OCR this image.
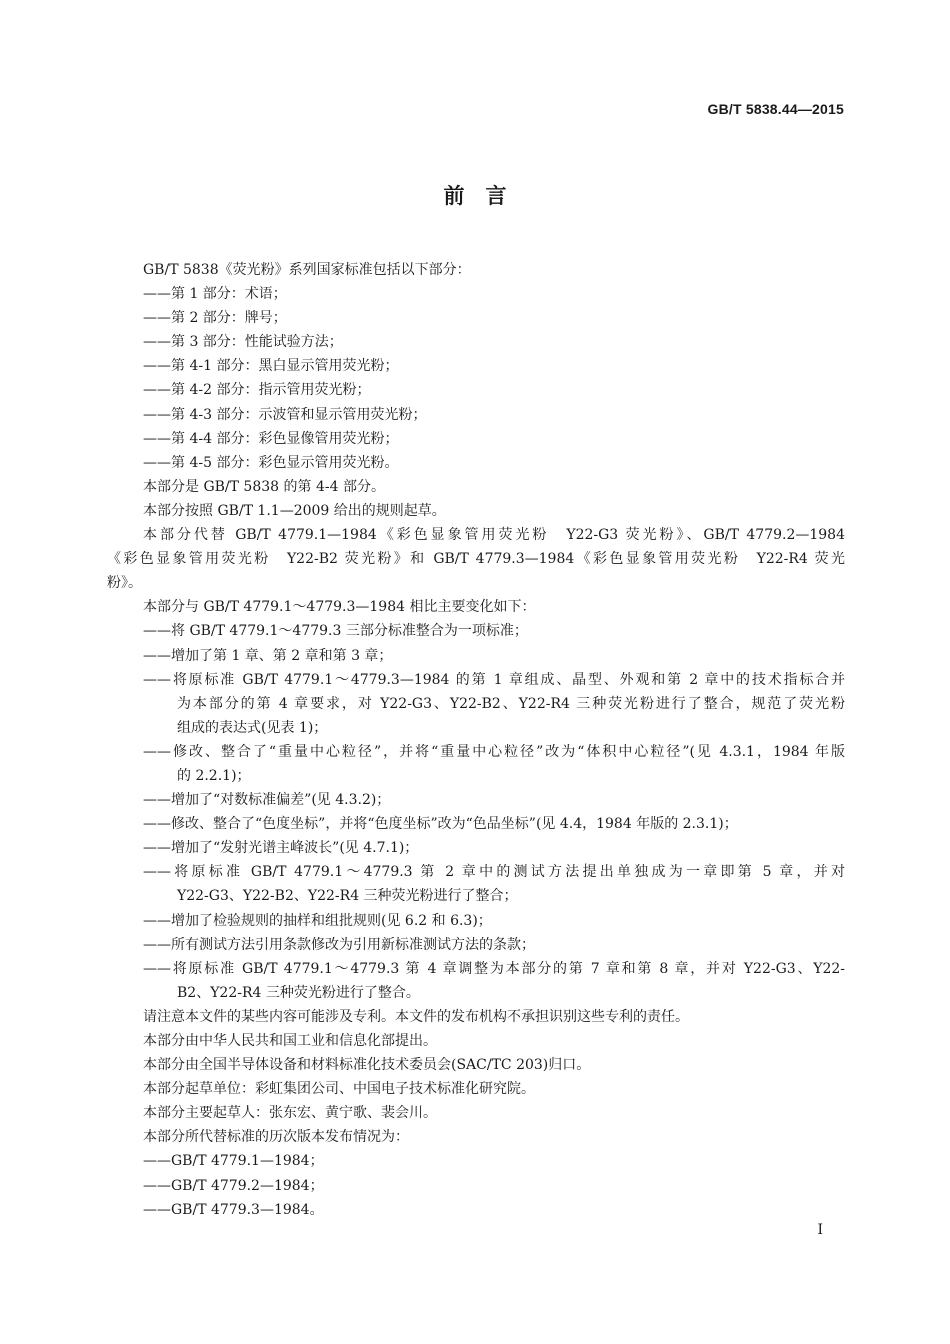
GB/T 5838.44—2015
前　言
GB/T 5838《荧光粉》系列国家标准包括以下部分：
——第 1 部分：术语；
——第 2 部分：牌号；
——第 3 部分：性能试验方法；
——第 4-1 部分：黑白显示管用荧光粉；
——第 4-2 部分：指示管用荧光粉；
——第 4-3 部分：示波管和显示管用荧光粉；
——第 4-4 部分：彩色显像管用荧光粉；
——第 4-5 部分：彩色显示管用荧光粉。
本部分是 GB/T 5838 的第 4-4 部分。
本部分按照 GB/T 1.1—2009 给出的规则起草。
本部分代替 GB/T 4779.1—1984《彩色显象管用荧光粉　Y22-G3 荧光粉》、GB/T 4779.2—1984
《彩色显象管用荧光粉　Y22-B2 荧光粉》和 GB/T 4779.3—1984《彩色显象管用荧光粉　Y22-R4 荧光
粉》。
本部分与 GB/T 4779.1～4779.3—1984 相比主要变化如下：
——将 GB/T 4779.1～4779.3 三部分标准整合为一项标准；
——增加了第 1 章、第 2 章和第 3 章；
——将原标准 GB/T 4779.1～4779.3—1984 的第 1 章组成、晶型、外观和第 2 章中的技术指标合并
为本部分的第 4 章要求，对 Y22-G3、Y22-B2、Y22-R4 三种荧光粉进行了整合，规范了荧光粉
组成的表达式(见表 1)；
——修改、整合了“重量中心粒径”，并将“重量中心粒径”改为“体积中心粒径”(见 4.3.1，1984 年版
的 2.2.1)；
——增加了“对数标准偏差”(见 4.3.2)；
——修改、整合了“色度坐标”，并将“色度坐标”改为“色品坐标”(见 4.4，1984 年版的 2.3.1)；
——增加了“发射光谱主峰波长”(见 4.7.1)；
——将原标准 GB/T 4779.1～4779.3 第 2 章中的测试方法提出单独成为一章即第 5 章，并对
Y22-G3、Y22-B2、Y22-R4 三种荧光粉进行了整合；
——增加了检验规则的抽样和组批规则(见 6.2 和 6.3)；
——所有测试方法引用条款修改为引用新标准测试方法的条款；
——将原标准 GB/T 4779.1～4779.3 第 4 章调整为本部分的第 7 章和第 8 章，并对 Y22-G3、Y22-
B2、Y22-R4 三种荧光粉进行了整合。
请注意本文件的某些内容可能涉及专利。本文件的发布机构不承担识别这些专利的责任。
本部分由中华人民共和国工业和信息化部提出。
本部分由全国半导体设备和材料标准化技术委员会(SAC/TC 203)归口。
本部分起草单位：彩虹集团公司、中国电子技术标准化研究院。
本部分主要起草人：张东宏、黄宁歌、裴会川。
本部分所代替标准的历次版本发布情况为：
——GB/T 4779.1—1984；
——GB/T 4779.2—1984；
——GB/T 4779.3—1984。
I
